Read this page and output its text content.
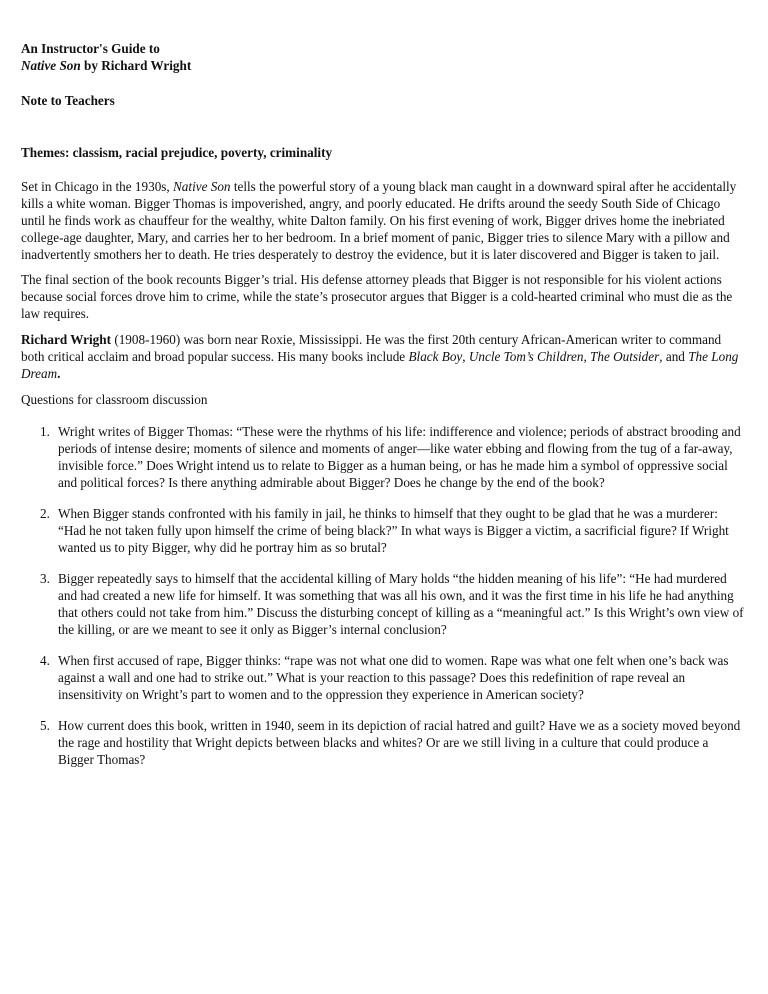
An Instructor's Guide to

Native Son by Richard Wright

Note to Teachers

Themes: classism, racial prejudice, poverty, criminality

Set in Chicago in the 1930s, Native Son tells the powerful story of a young black man caught in a downward spiral after he accidentally kills a white woman. Bigger Thomas is impoverished, angry, and poorly educated. He drifts around the seedy South Side of Chicago until he finds work as chauffeur for the wealthy, white Dalton family. On his first evening of work, Bigger drives home the inebriated college-age daughter, Mary, and carries her to her bedroom. In a brief moment of panic, Bigger tries to silence Mary with a pillow and inadvertently smothers her to death. He tries desperately to destroy the evidence, but it is later discovered and Bigger is taken to jail.

The final section of the book recounts Bigger’s trial. His defense attorney pleads that Bigger is not responsible for his violent actions because social forces drove him to crime, while the state’s prosecutor argues that Bigger is a cold-hearted criminal who must die as the law requires.

Richard Wright (1908-1960) was born near Roxie, Mississippi. He was the first 20th century African-American writer to command both critical acclaim and broad popular success. His many books include Black Boy, Uncle Tom’s Children, The Outsider, and The Long Dream.

Questions for classroom discussion

1. Wright writes of Bigger Thomas: “These were the rhythms of his life: indifference and violence; periods of abstract brooding and periods of intense desire; moments of silence and moments of anger—like water ebbing and flowing from the tug of a far-away, invisible force.” Does Wright intend us to relate to Bigger as a human being, or has he made him a symbol of oppressive social and political forces? Is there anything admirable about Bigger? Does he change by the end of the book?
2. When Bigger stands confronted with his family in jail, he thinks to himself that they ought to be glad that he was a murderer: “Had he not taken fully upon himself the crime of being black?” In what ways is Bigger a victim, a sacrificial figure? If Wright wanted us to pity Bigger, why did he portray him as so brutal?
3. Bigger repeatedly says to himself that the accidental killing of Mary holds “the hidden meaning of his life”: “He had murdered and had created a new life for himself. It was something that was all his own, and it was the first time in his life he had anything that others could not take from him.” Discuss the disturbing concept of killing as a “meaningful act.” Is this Wright’s own view of the killing, or are we meant to see it only as Bigger’s internal conclusion?
4. When first accused of rape, Bigger thinks: “rape was not what one did to women. Rape was what one felt when one’s back was against a wall and one had to strike out.” What is your reaction to this passage? Does this redefinition of rape reveal an insensitivity on Wright’s part to women and to the oppression they experience in American society?
5. How current does this book, written in 1940, seem in its depiction of racial hatred and guilt? Have we as a society moved beyond the rage and hostility that Wright depicts between blacks and whites? Or are we still living in a culture that could produce a Bigger Thomas?
